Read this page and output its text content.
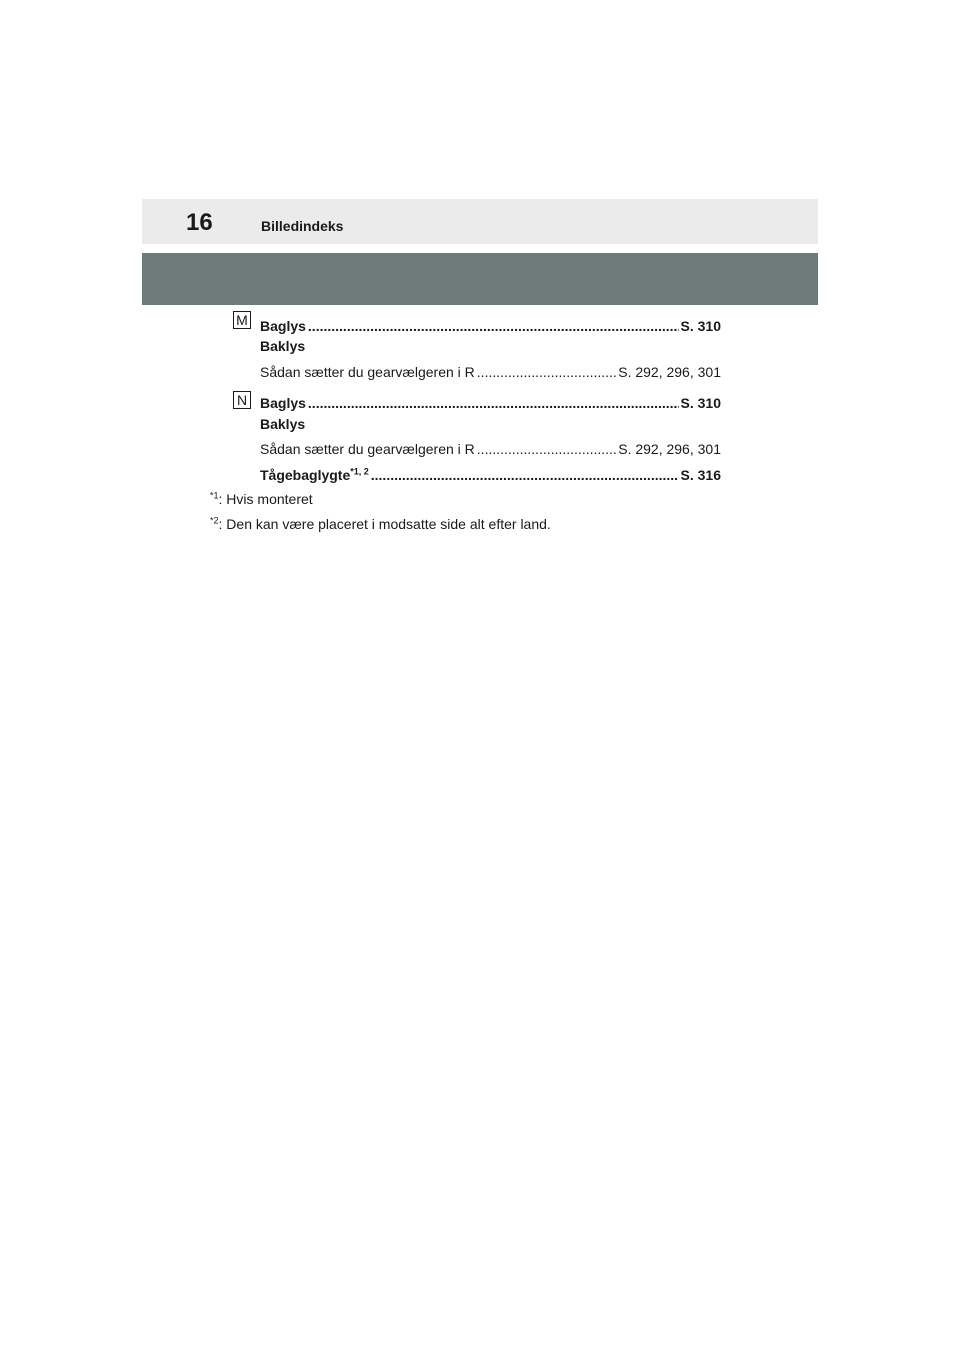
16	Billedindeks
M Baglys .....	S. 310
Baklys
Sådan sætter du gearvælgeren i R .....	S. 292, 296, 301
N Baglys .....	S. 310
Baklys
Sådan sætter du gearvælgeren i R .....	S. 292, 296, 301
Tågebaglygte$^{*1, 2}$ .....	S. 316
$^{*1}$: Hvis monteret
$^{*2}$: Den kan være placeret i modsatte side alt efter land.
